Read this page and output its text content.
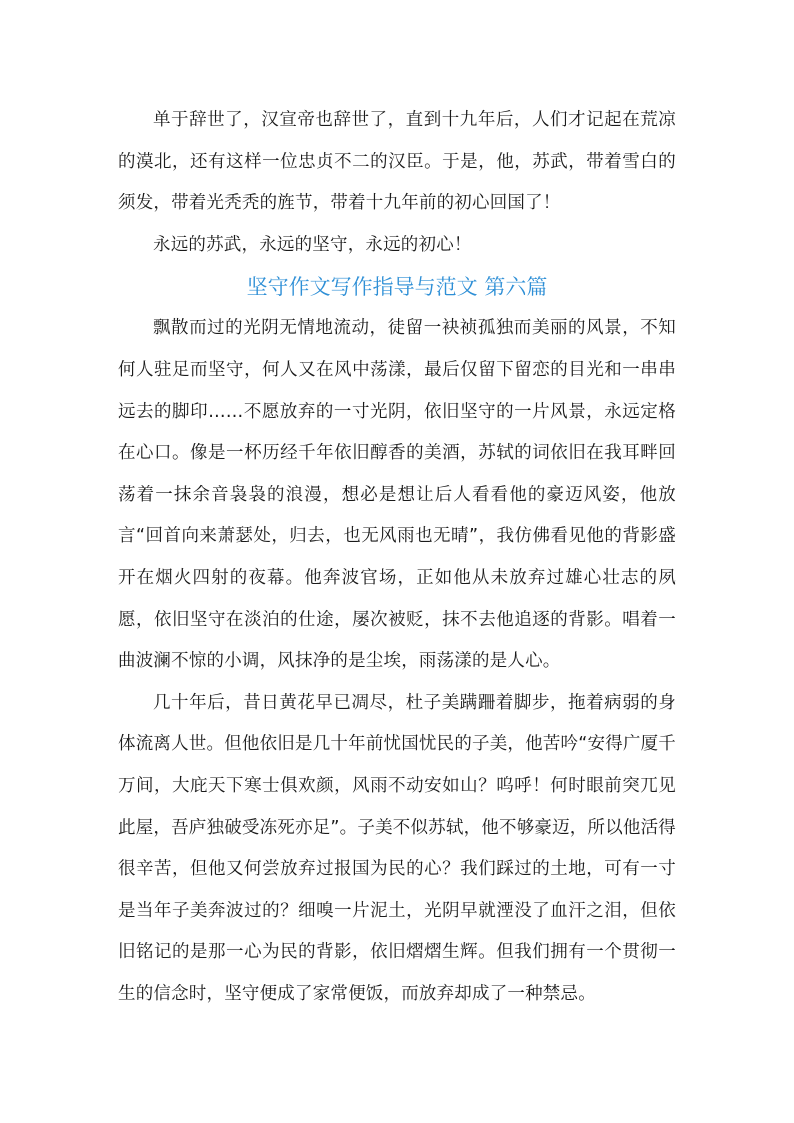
单于辞世了，汉宣帝也辞世了，直到十九年后，人们才记起在荒凉的漠北，还有这样一位忠贞不二的汉臣。于是，他，苏武，带着雪白的须发，带着光秃秃的旌节，带着十九年前的初心回国了！

永远的苏武，永远的坚守，永远的初心！

坚守作文写作指导与范文 第六篇

飘散而过的光阴无情地流动，徒留一袂祯孤独而美丽的风景，不知何人驻足而坚守，何人又在风中荡漾，最后仅留下留恋的目光和一串串远去的脚印……不愿放弃的一寸光阴，依旧坚守的一片风景，永远定格在心口。像是一杯历经千年依旧醇香的美酒，苏轼的词依旧在我耳畔回荡着一抹余音袅袅的浪漫，想必是想让后人看看他的豪迈风姿，他放言“回首向来萧瑟处，归去，也无风雨也无晴”，我仿佛看见他的背影盛开在烟火四射的夜幕。他奔波官场，正如他从未放弃过雄心壮志的夙愿，依旧坚守在淡泊的仕途，屡次被贬，抹不去他追逐的背影。唱着一曲波澜不惊的小调，风抹净的是尘埃，雨荡漾的是人心。

几十年后，昔日黄花早已凋尽，杜子美蹒跚着脚步，拖着病弱的身体流离人世。但他依旧是几十年前忧国忧民的子美，他苦吟“安得广厦千万间，大庇天下寒士俱欢颜，风雨不动安如山？呜呼！何时眼前突兀见此屋，吾庐独破受冻死亦足”。子美不似苏轼，他不够豪迈，所以他活得很辛苦，但他又何尝放弃过报国为民的心？我们踩过的土地，可有一寸是当年子美奔波过的？细嗅一片泥土，光阴早就湮没了血汗之泪，但依旧铭记的是那一心为民的背影，依旧熠熠生辉。但我们拥有一个贯彻一生的信念时，坚守便成了家常便饭，而放弃却成了一种禁忌。
